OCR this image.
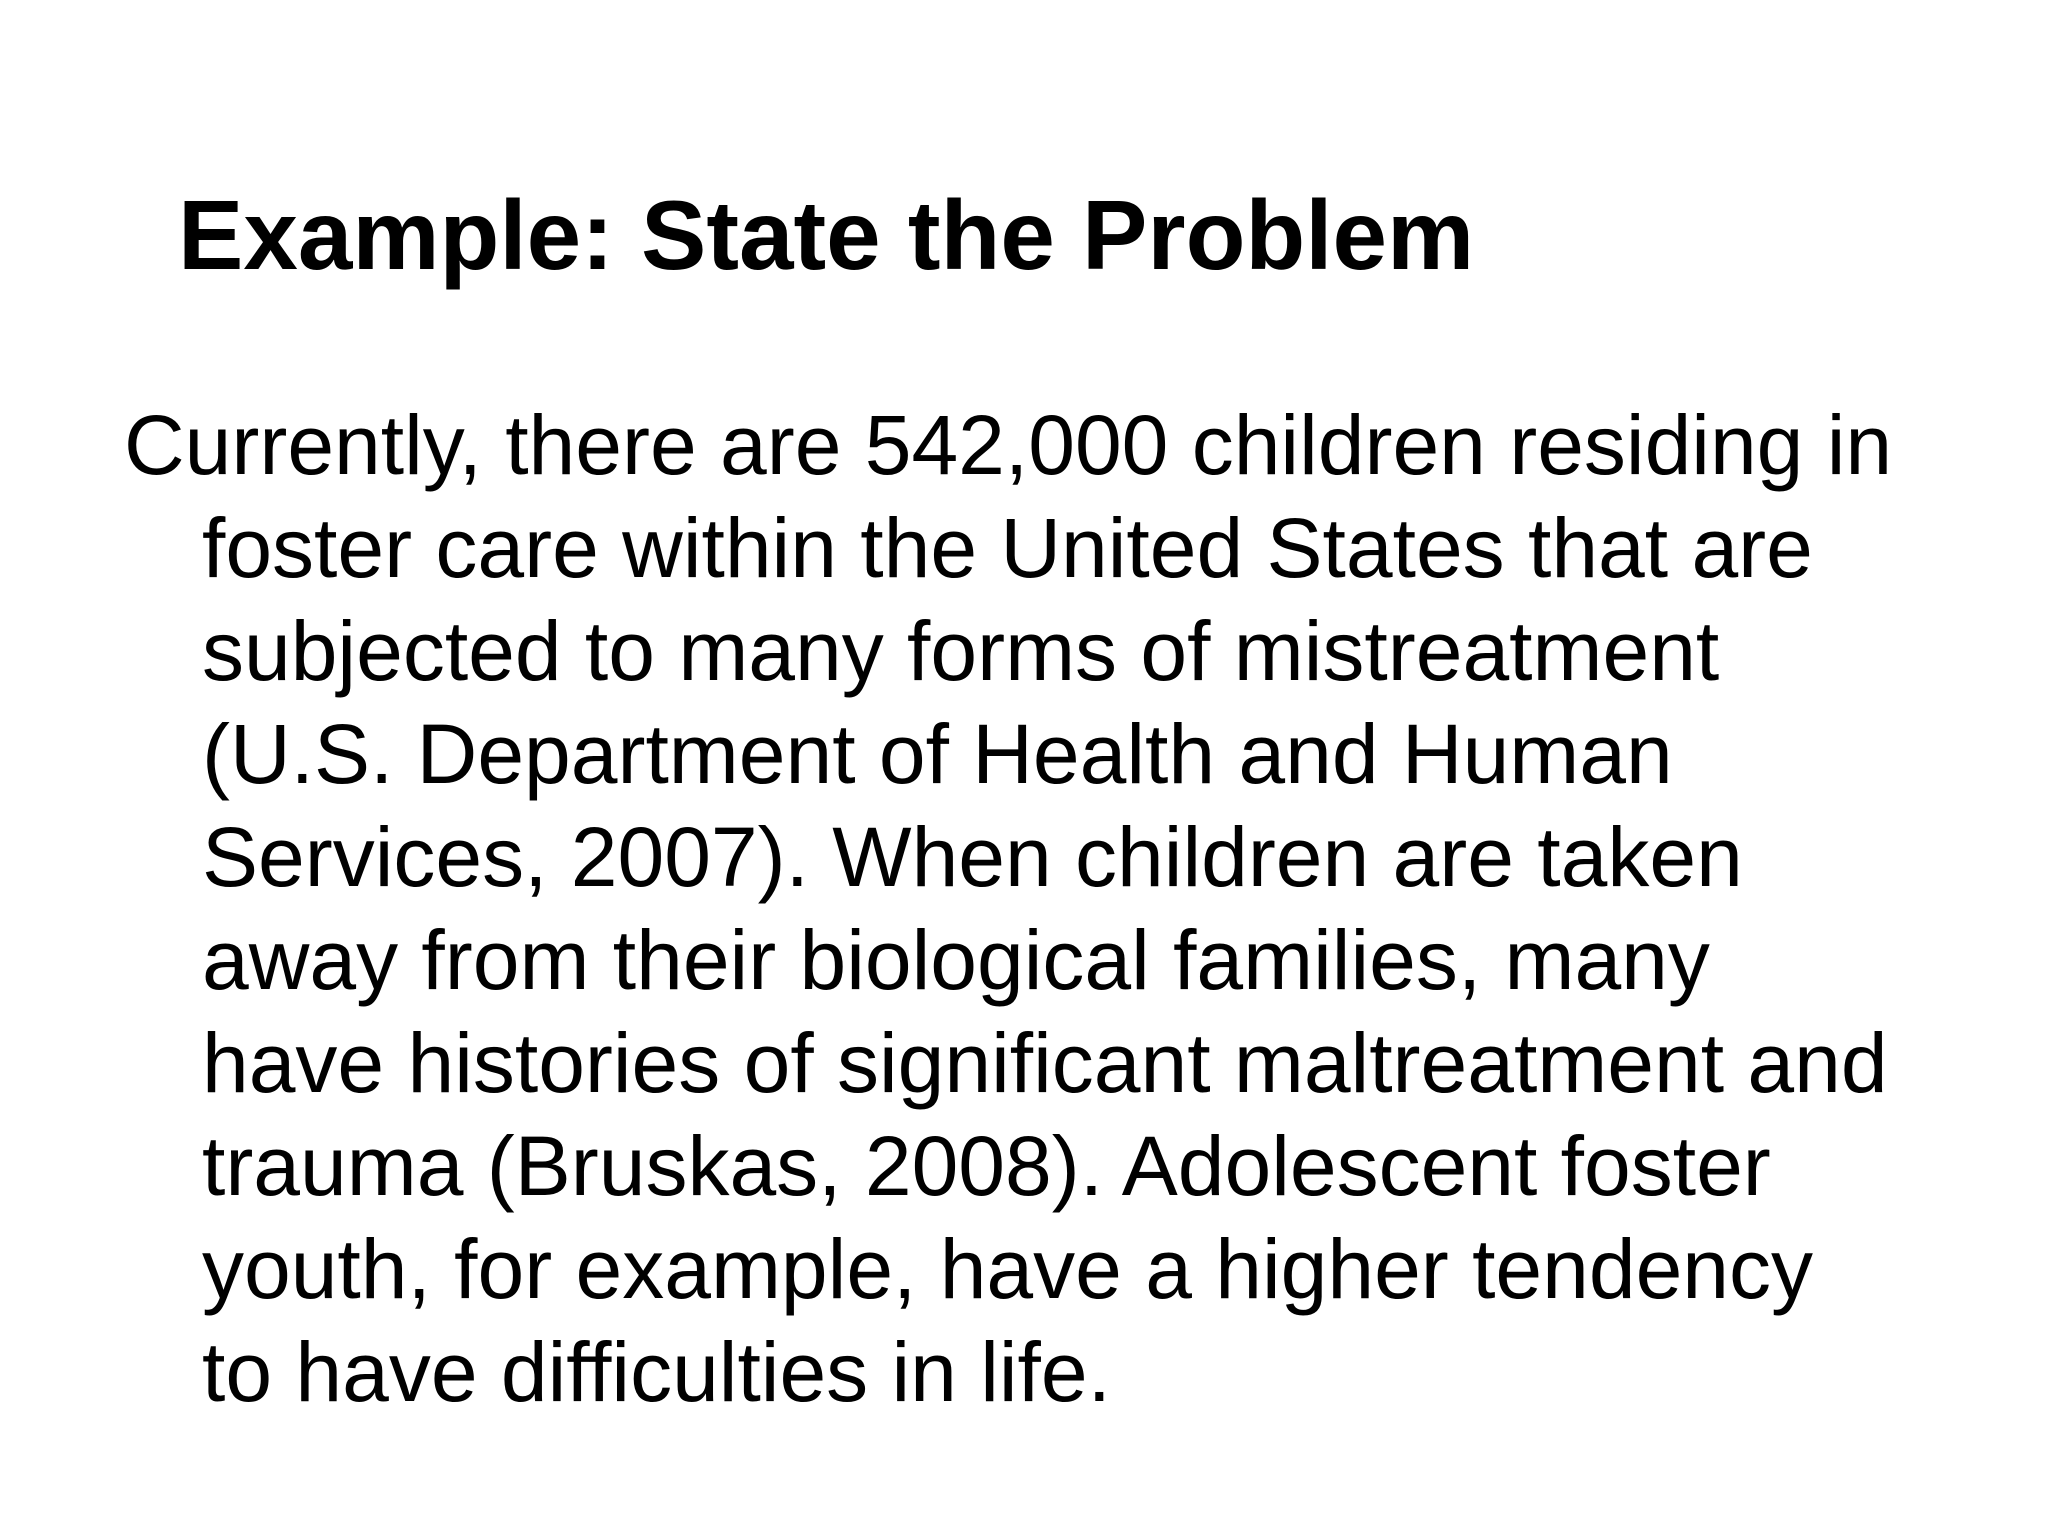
Example: State the Problem
Currently, there are 542,000 children residing in
foster care within the United States that are
subjected to many forms of mistreatment
(U.S. Department of Health and Human
Services, 2007). When children are taken
away from their biological families, many
have histories of significant maltreatment and
trauma (Bruskas, 2008). Adolescent foster
youth, for example, have a higher tendency
to have difficulties in life.
